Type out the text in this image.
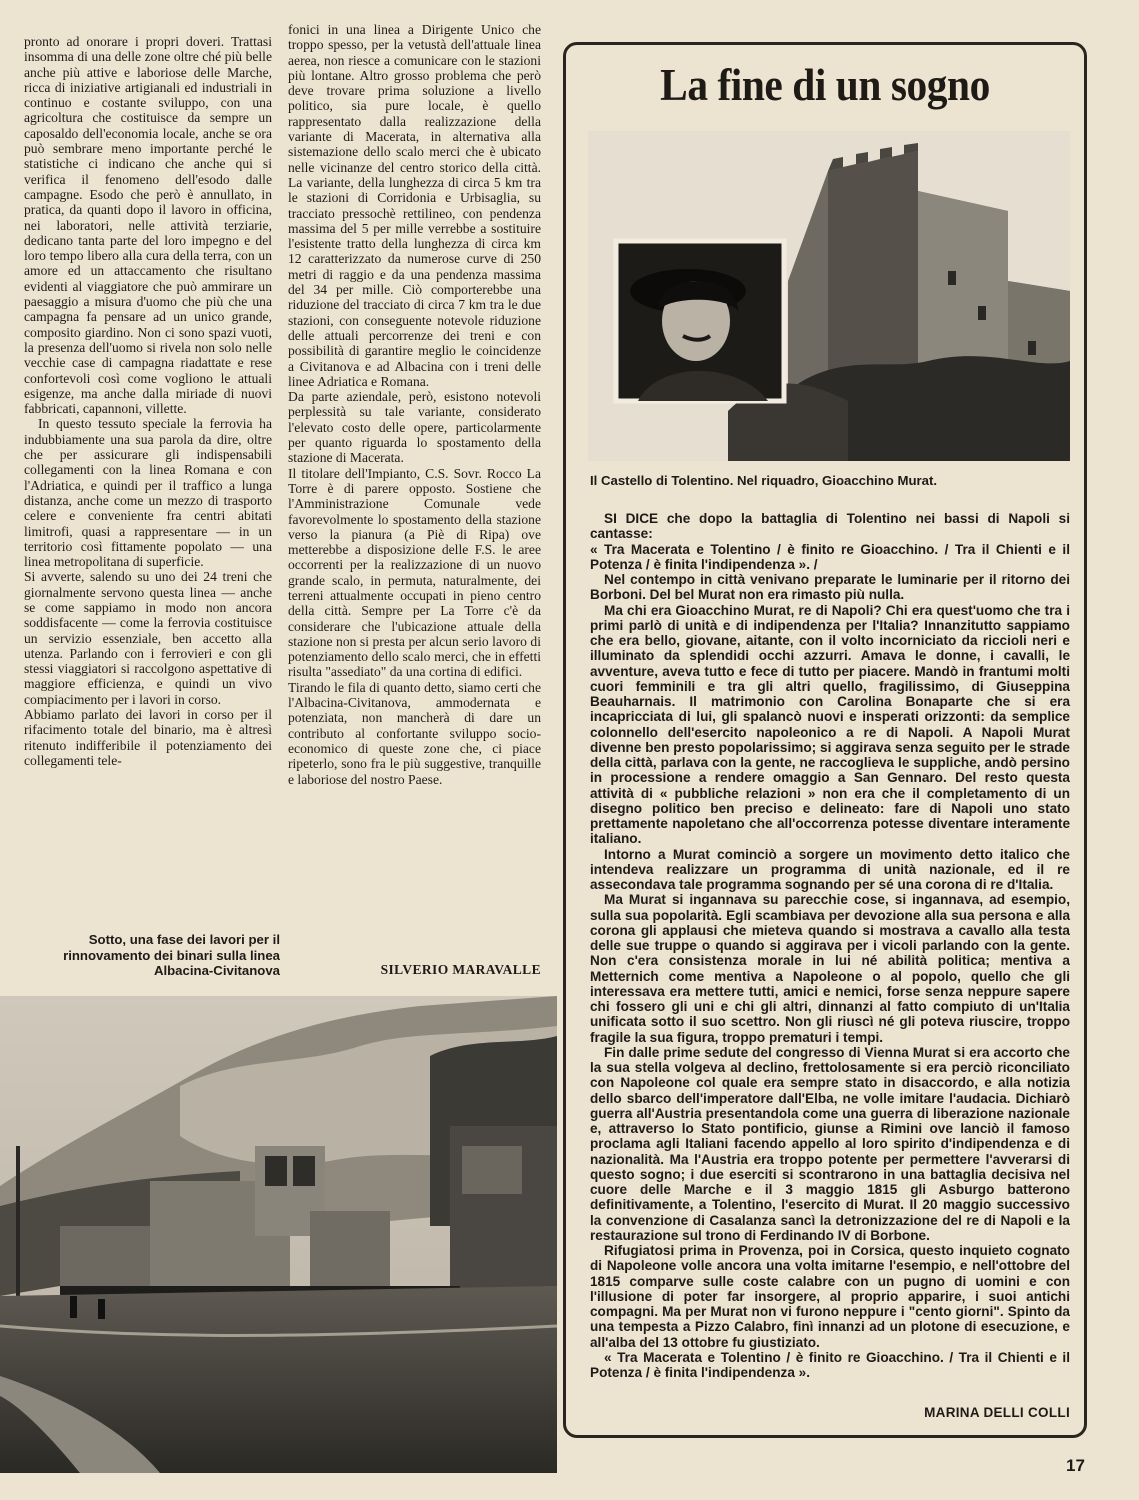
pronto ad onorare i propri doveri. Trattasi insomma di una delle zone oltre ché più belle anche più attive e laboriose delle Marche, ricca di iniziative artigianali ed industriali in continuo e costante sviluppo, con una agricoltura che costituisce da sempre un caposaldo dell'economia locale, anche se ora può sembrare meno importante perché le statistiche ci indicano che anche qui si verifica il fenomeno dell'esodo dalle campagne. Esodo che però è annullato, in pratica, da quanti dopo il lavoro in officina, nei laboratori, nelle attività terziarie, dedicano tanta parte del loro impegno e del loro tempo libero alla cura della terra, con un amore ed un attaccamento che risultano evidenti al viaggiatore che può ammirare un paesaggio a misura d'uomo che più che una campagna fa pensare ad un unico grande, composito giardino. Non ci sono spazi vuoti, la presenza dell'uomo si rivela non solo nelle vecchie case di campagna riadattate e rese confortevoli così come vogliono le attuali esigenze, ma anche dalla miriade di nuovi fabbricati, capannoni, villette.

In questo tessuto speciale la ferrovia ha indubbiamente una sua parola da dire, oltre che per assicurare gli indispensabili collegamenti con la linea Romana e con l'Adriatica, e quindi per il traffico a lunga distanza, anche come un mezzo di trasporto celere e conveniente fra centri abitati limitrofi, quasi a rappresentare — in un territorio così fittamente popolato — una linea metropolitana di superficie.

Si avverte, salendo su uno dei 24 treni che giornalmente servono questa linea — anche se come sappiamo in modo non ancora soddisfacente — come la ferrovia costituisce un servizio essenziale, ben accetto alla utenza. Parlando con i ferrovieri e con gli stessi viaggiatori si raccolgono aspettative di maggiore efficienza, e quindi un vivo compiacimento per i lavori in corso.

Abbiamo parlato dei lavori in corso per il rifacimento totale del binario, ma è altresì ritenuto indifferibile il potenziamento dei collegamenti tele-

Sotto, una fase dei lavori per il rinnovamento dei binari sulla linea Albacina-Civitanova

fonici in una linea a Dirigente Unico che troppo spesso, per la vetustà dell'attuale linea aerea, non riesce a comunicare con le stazioni più lontane. Altro grosso problema che però deve trovare prima soluzione a livello politico, sia pure locale, è quello rappresentato dalla realizzazione della variante di Macerata, in alternativa alla sistemazione dello scalo merci che è ubicato nelle vicinanze del centro storico della città. La variante, della lunghezza di circa 5 km tra le stazioni di Corridonia e Urbisaglia, su tracciato pressochè rettilineo, con pendenza massima del 5 per mille verrebbe a sostituire l'esistente tratto della lunghezza di circa km 12 caratterizzato da numerose curve di 250 metri di raggio e da una pendenza massima del 34 per mille. Ciò comporterebbe una riduzione del tracciato di circa 7 km tra le due stazioni, con conseguente notevole riduzione delle attuali percorrenze dei treni e con possibilità di garantire meglio le coincidenze a Civitanova e ad Albacina con i treni delle linee Adriatica e Romana.

Da parte aziendale, però, esistono notevoli perplessità su tale variante, considerato l'elevato costo delle opere, particolarmente per quanto riguarda lo spostamento della stazione di Macerata.

Il titolare dell'Impianto, C.S. Sovr. Rocco La Torre è di parere opposto. Sostiene che l'Amministrazione Comunale vede favorevolmente lo spostamento della stazione verso la pianura (a Piè di Ripa) ove metterebbe a disposizione delle F.S. le aree occorrenti per la realizzazione di un nuovo grande scalo, in permuta, naturalmente, dei terreni attualmente occupati in pieno centro della città. Sempre per La Torre c'è da considerare che l'ubicazione attuale della stazione non si presta per alcun serio lavoro di potenziamento dello scalo merci, che in effetti risulta "assediato" da una cortina di edifici.

Tirando le fila di quanto detto, siamo certi che l'Albacina-Civitanova, ammodernata e potenziata, non mancherà di dare un contributo al confortante sviluppo socio-economico di queste zone che, ci piace ripeterlo, sono fra le più suggestive, tranquille e laboriose del nostro Paese.

SILVERIO MARAVALLE
La fine di un sogno
Il Castello di Tolentino. Nel riquadro, Gioacchino Murat.

SI DICE che dopo la battaglia di Tolentino nei bassi di Napoli si cantasse:

« Tra Macerata e Tolentino / è finito re Gioacchino. / Tra il Chienti e il Potenza / è finita l'indipendenza ». /

Nel contempo in città venivano preparate le luminarie per il ritorno dei Borboni. Del bel Murat non era rimasto più nulla.

Ma chi era Gioacchino Murat, re di Napoli? Chi era quest'uomo che tra i primi parlò di unità e di indipendenza per l'Italia? Innanzitutto sappiamo che era bello, giovane, aitante, con il volto incorniciato da riccioli neri e illuminato da splendidi occhi azzurri. Amava le donne, i cavalli, le avventure, aveva tutto e fece di tutto per piacere. Mandò in frantumi molti cuori femminili e tra gli altri quello, fragilissimo, di Giuseppina Beauharnais. Il matrimonio con Carolina Bonaparte che si era incapricciata di lui, gli spalancò nuovi e insperati orizzonti: da semplice colonnello dell'esercito napoleonico a re di Napoli. A Napoli Murat divenne ben presto popolarissimo; si aggirava senza seguito per le strade della città, parlava con la gente, ne raccoglieva le suppliche, andò persino in processione a rendere omaggio a San Gennaro. Del resto questa attività di « pubbliche relazioni » non era che il completamento di un disegno politico ben preciso e delineato: fare di Napoli uno stato prettamente napoletano che all'occorrenza potesse diventare interamente italiano.

Intorno a Murat cominciò a sorgere un movimento detto italico che intendeva realizzare un programma di unità nazionale, ed il re assecondava tale programma sognando per sé una corona di re d'Italia.

Ma Murat si ingannava su parecchie cose, si ingannava, ad esempio, sulla sua popolarità. Egli scambiava per devozione alla sua persona e alla corona gli applausi che mieteva quando si mostrava a cavallo alla testa delle sue truppe o quando si aggirava per i vicoli parlando con la gente. Non c'era consistenza morale in lui né abilità politica; mentiva a Metternich come mentiva a Napoleone o al popolo, quello che gli interessava era mettere tutti, amici e nemici, forse senza neppure sapere chi fossero gli uni e chi gli altri, dinnanzi al fatto compiuto di un'Italia unificata sotto il suo scettro. Non gli riuscì né gli poteva riuscire, troppo fragile la sua figura, troppo prematuri i tempi.

Fin dalle prime sedute del congresso di Vienna Murat si era accorto che la sua stella volgeva al declino, frettolosamente si era perciò riconciliato con Napoleone col quale era sempre stato in disaccordo, e alla notizia dello sbarco dell'imperatore dall'Elba, ne volle imitare l'audacia. Dichiarò guerra all'Austria presentandola come una guerra di liberazione nazionale e, attraverso lo Stato pontificio, giunse a Rimini ove lanciò il famoso proclama agli Italiani facendo appello al loro spirito d'indipendenza e di nazionalità. Ma l'Austria era troppo potente per permettere l'avverarsi di questo sogno; i due eserciti si scontrarono in una battaglia decisiva nel cuore delle Marche e il 3 maggio 1815 gli Asburgo batterono definitivamente, a Tolentino, l'esercito di Murat. Il 20 maggio successivo la convenzione di Casalanza sancì la detronizzazione del re di Napoli e la restaurazione sul trono di Ferdinando IV di Borbone.

Rifugiatosi prima in Provenza, poi in Corsica, questo inquieto cognato di Napoleone volle ancora una volta imitarne l'esempio, e nell'ottobre del 1815 comparve sulle coste calabre con un pugno di uomini e con l'illusione di poter far insorgere, al proprio apparire, i suoi antichi compagni. Ma per Murat non vi furono neppure i "cento giorni". Spinto da una tempesta a Pizzo Calabro, finì innanzi ad un plotone di esecuzione, e all'alba del 13 ottobre fu giustiziato.

« Tra Macerata e Tolentino / è finito re Gioacchino. / Tra il Chienti e il Potenza / è finita l'indipendenza ».

MARINA DELLI COLLI
17
